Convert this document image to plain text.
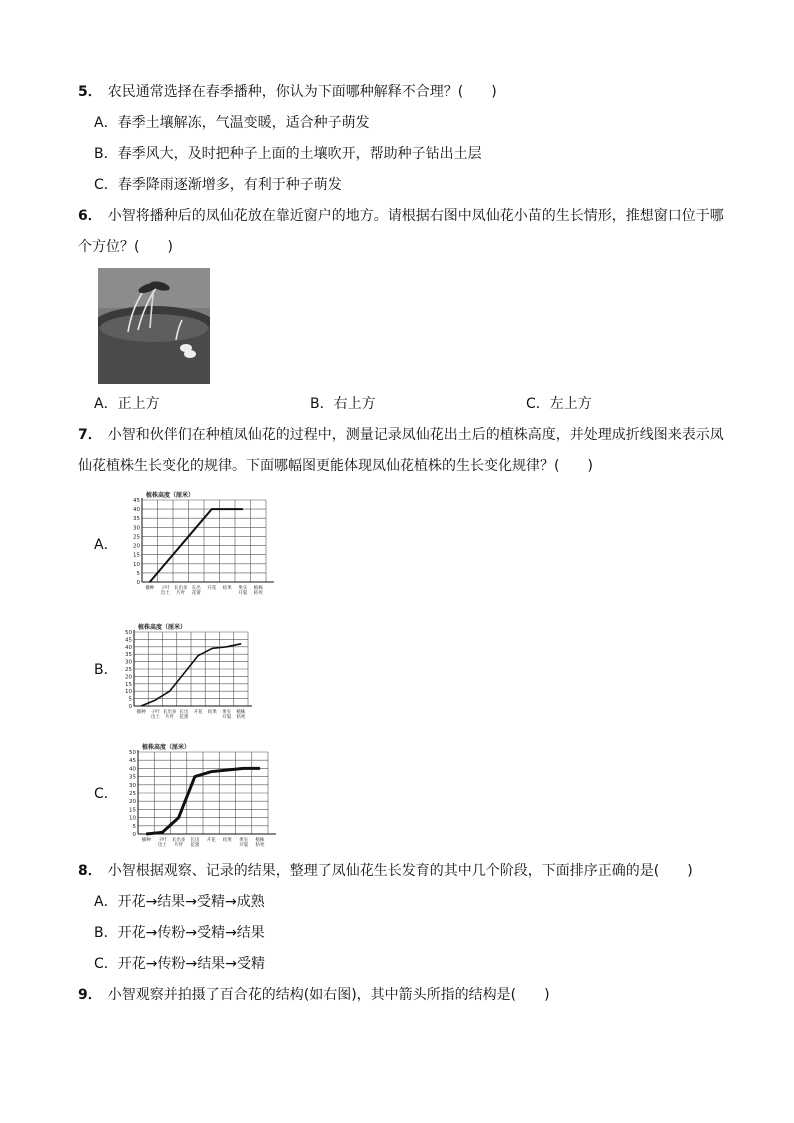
5． 农民通常选择在春季播种，你认为下面哪种解释不合理？(　　)
A．春季土壤解冻，气温变暖，适合种子萌发
B．春季风大，及时把种子上面的土壤吹开，帮助种子钻出土层
C．春季降雨逐渐增多，有利于种子萌发
6． 小智将播种后的凤仙花放在靠近窗户的地方。请根据右图中凤仙花小苗的生长情形，推想窗口位于哪
个方位？(　　)
A．正上方	B．右上方	C．左上方
7． 小智和伙伴们在种植凤仙花的过程中，测量记录凤仙花出土后的植株高度，并处理成折线图来表示凤
仙花植株生长变化的规律。下面哪幅图更能体现凤仙花植株的生长变化规律？(　　)
A．
植株高度（厘米）
0
5
10
15
20
25
30
35
40
45
播种 子叶出土
长出多片叶
长出花蕾
开花 结果 果实开裂
植株枯死
B．
植株高度（厘米）
0
5
10
15
20
25
30
35
40
45
50
播种 子叶出土
长出多片叶
长出花蕾
开花 结果 果实开裂
植株枯死
C．
植株高度（厘米）
0
5
10
15
20
25
30
35
40
45
50
播种 子叶出土
长出多片叶
长出花蕾
开花 结果 果实开裂
植株枯死
8． 小智根据观察、记录的结果，整理了凤仙花生长发育的其中几个阶段，下面排序正确的是(　　)
A．开花→结果→受精→成熟
B．开花→传粉→受精→结果
C．开花→传粉→结果→受精
9． 小智观察并拍摄了百合花的结构(如右图)，其中箭头所指的结构是(　　)
